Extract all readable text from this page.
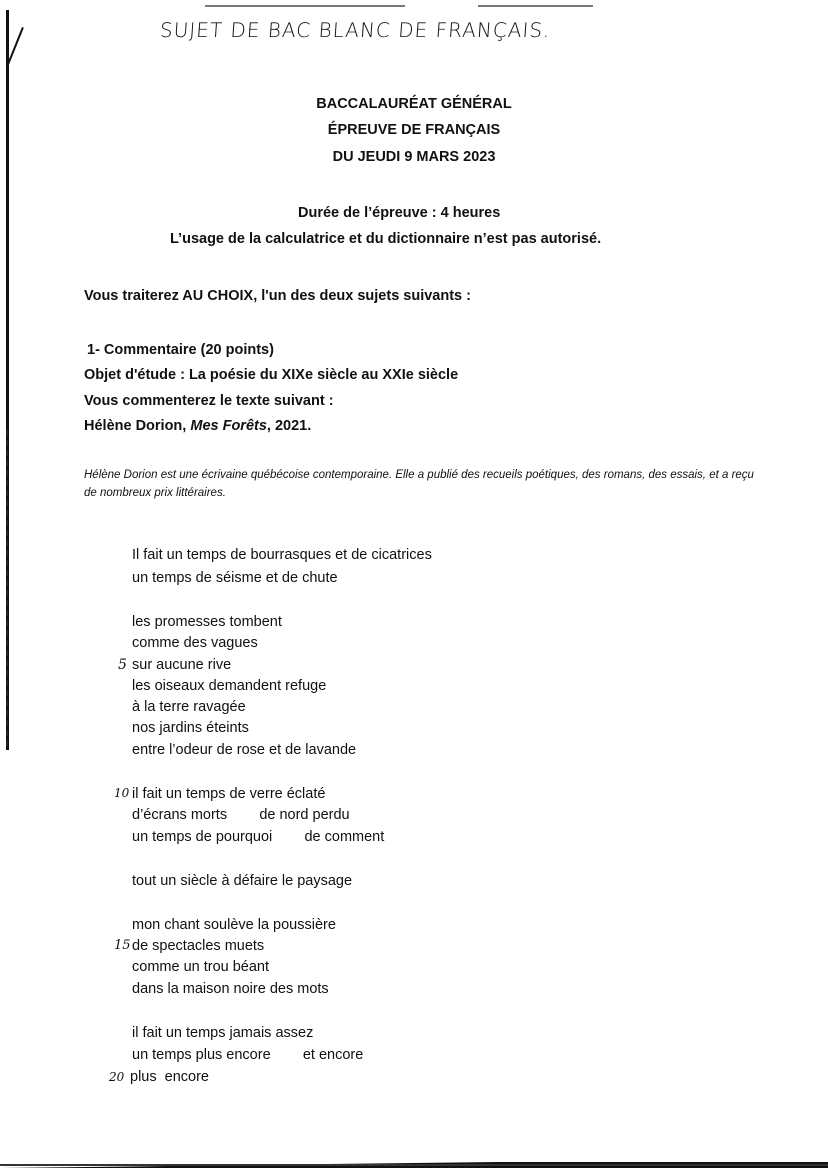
SUJET DE BAC BLANC DE FRANÇAIS.
BACCALAURÉAT GÉNÉRAL
ÉPREUVE DE FRANÇAIS
DU JEUDI 9 MARS 2023
Durée de l’épreuve : 4 heures
L’usage de la calculatrice et du dictionnaire n’est pas autorisé.
Vous traiterez AU CHOIX, l'un des deux sujets suivants :
1- Commentaire (20 points)
Objet d'étude : La poésie du XIXe siècle au XXIe siècle
Vous commenterez le texte suivant :
Hélène Dorion, Mes Forêts, 2021.
Hélène Dorion est une écrivaine québécoise contemporaine. Elle a publié des recueils poétiques, des romans, des essais, et a reçu de nombreux prix littéraires.
Il fait un temps de bourrasques et de cicatrices
un temps de séisme et de chute
les promesses tombent
comme des vagues
5 sur aucune rive
les oiseaux demandent refuge
à la terre ravagée
nos jardins éteints
entre l’odeur de rose et de lavande
10 il fait un temps de verre éclaté
d’écrans morts        de nord perdu
un temps de pourquoi        de comment
tout un siècle à défaire le paysage
mon chant soulève la poussière
15 de spectacles muets
comme un trou béant
dans la maison noire des mots
il fait un temps jamais assez
un temps plus encore        et encore
20 plus  encore
